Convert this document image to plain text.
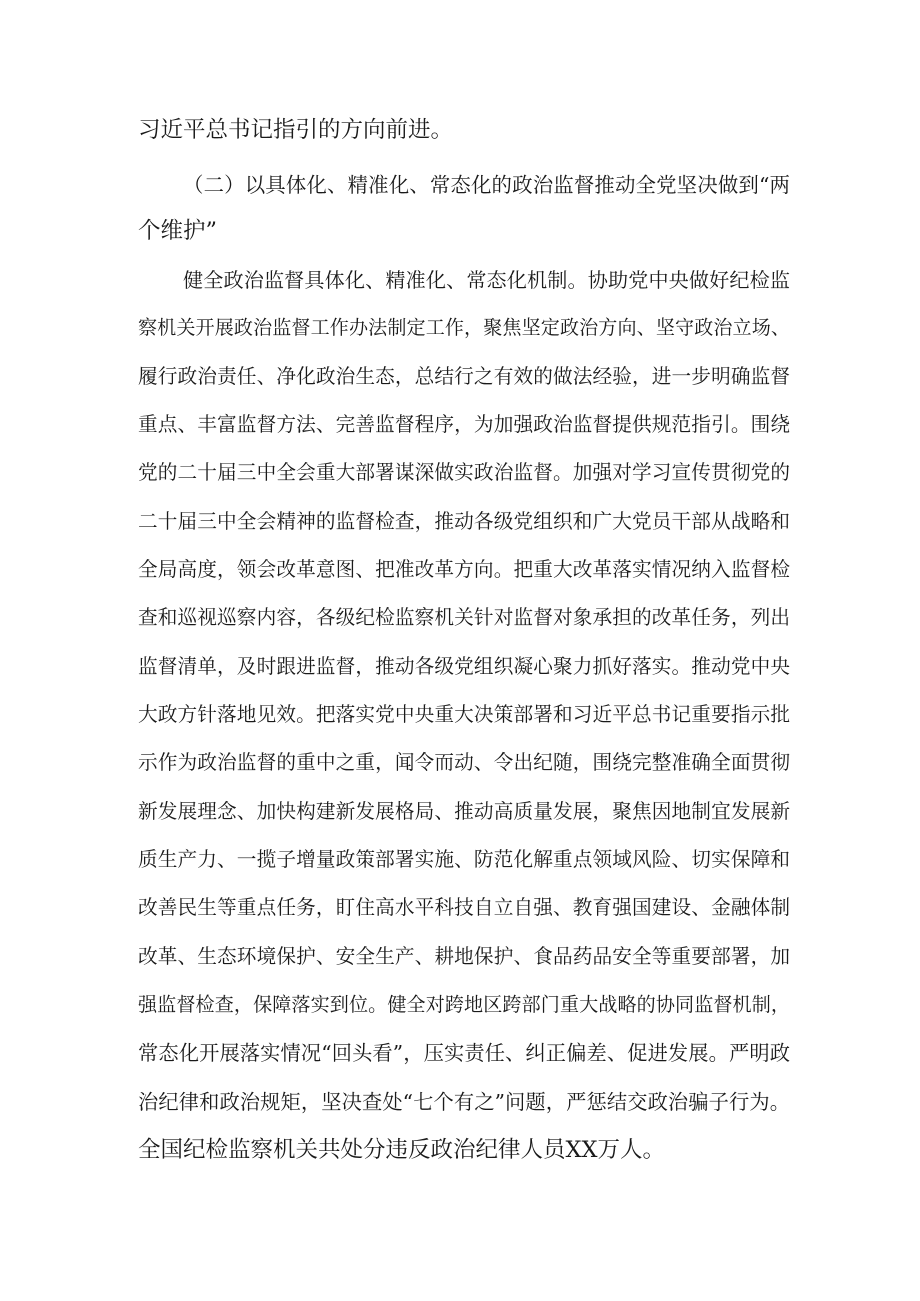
习近平总书记指引的方向前进。
（二）以具体化、精准化、常态化的政治监督推动全党坚决做到“两
个维护”
健全政治监督具体化、精准化、常态化机制。协助党中央做好纪检监
察机关开展政治监督工作办法制定工作，聚焦坚定政治方向、坚守政治立场、
履行政治责任、净化政治生态，总结行之有效的做法经验，进一步明确监督
重点、丰富监督方法、完善监督程序，为加强政治监督提供规范指引。围绕
党的二十届三中全会重大部署谋深做实政治监督。加强对学习宣传贯彻党的
二十届三中全会精神的监督检查，推动各级党组织和广大党员干部从战略和
全局高度，领会改革意图、把准改革方向。把重大改革落实情况纳入监督检
查和巡视巡察内容，各级纪检监察机关针对监督对象承担的改革任务，列出
监督清单，及时跟进监督，推动各级党组织凝心聚力抓好落实。推动党中央
大政方针落地见效。把落实党中央重大决策部署和习近平总书记重要指示批
示作为政治监督的重中之重，闻令而动、令出纪随，围绕完整准确全面贯彻
新发展理念、加快构建新发展格局、推动高质量发展，聚焦因地制宜发展新
质生产力、一揽子增量政策部署实施、防范化解重点领域风险、切实保障和
改善民生等重点任务，盯住高水平科技自立自强、教育强国建设、金融体制
改革、生态环境保护、安全生产、耕地保护、食品药品安全等重要部署，加
强监督检查，保障落实到位。健全对跨地区跨部门重大战略的协同监督机制，
常态化开展落实情况“回头看”，压实责任、纠正偏差、促进发展。严明政
治纪律和政治规矩，坚决查处“七个有之”问题，严惩结交政治骗子行为。
全国纪检监察机关共处分违反政治纪律人员XX万人。
